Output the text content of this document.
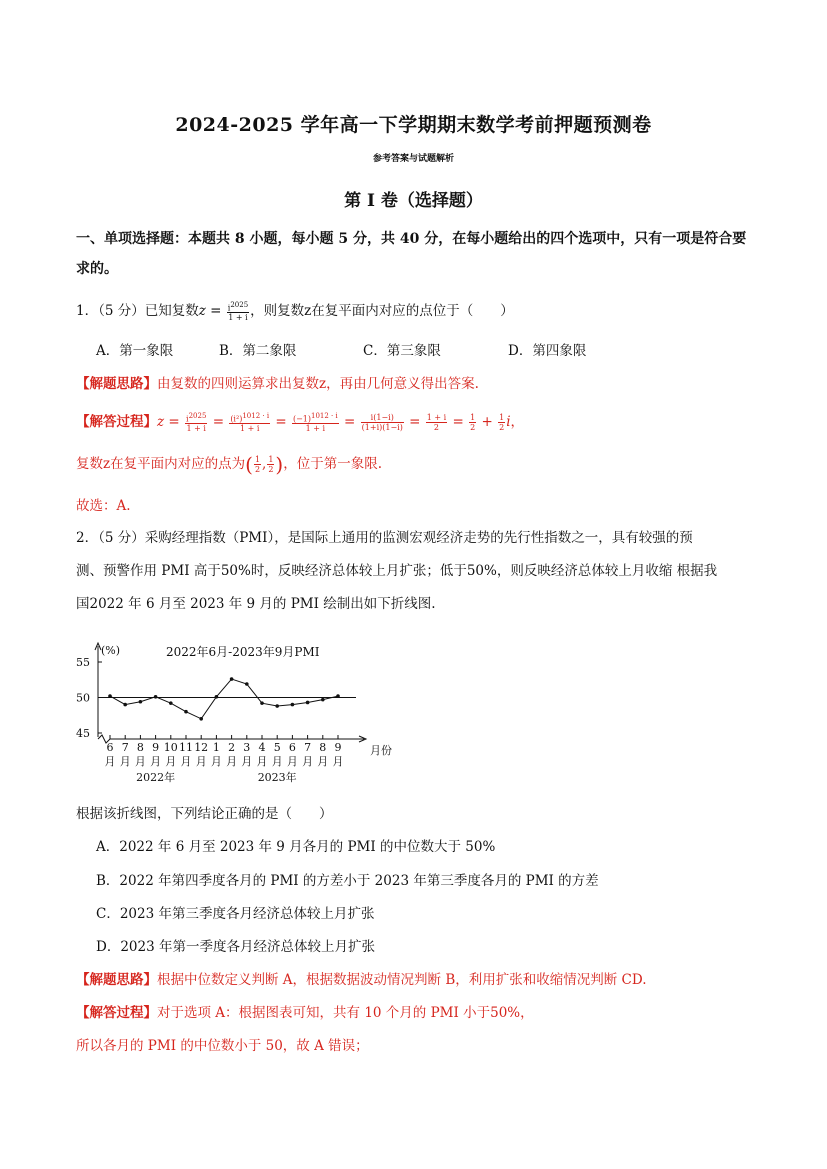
2024-2025 学年高一下学期期末数学考前押题预测卷
参考答案与试题解析
第 I 卷（选择题）
一、单项选择题：本题共 8 小题，每小题 5 分，共 40 分，在每小题给出的四个选项中，只有一项是符合要求的。
1．（5 分）已知复数$z = \frac{i^{2025}}{1 + i}$ ，则复数z在复平面内对应的点位于（　　）
A．第一象限	B．第二象限	C．第三象限	D．第四象限
【解题思路】由复数的四则运算求出复数z，再由几何意义得出答案.
【解答过程】$z = \frac{i^{2025}}{1 + i} = \frac{(i^2)^{1012 \cdot i}}{1 + i} = \frac{(-1)^{1012 \cdot i}}{1 + i} = \frac{i(1-i)}{(1+i)(1-i)} = \frac{1 + i}{2} = \frac{1}{2} + \frac{1}{2}$ i，
复数z在复平面内对应的点为( $\frac{1}{2}$ , $\frac{1}{2}$ )，位于第一象限.
故选：A.
2．（5 分）采购经理指数（PMI），是国际上通用的监测宏观经济走势的先行性指数之一，具有较强的预
测、预警作用 PMI 高于50%时，反映经济总体较上月扩张；低于50%，则反映经济总体较上月收缩 根据我
国2022 年 6 月至 2023 年 9 月的 PMI 绘制出如下折线图.
2022年6月-2023年9月PMI
(%)
45
50
55
月份
6
月
7
月
8
月
9
月
10
月
11
月
12
月
1
月
2
月
3
月
4
月
5
月
6
月
7
月
8
月
9
月
2022年	2023年
根据该折线图，下列结论正确的是（　　）
A．2022 年 6 月至 2023 年 9 月各月的 PMI 的中位数大于 50%
B．2022 年第四季度各月的 PMI 的方差小于 2023 年第三季度各月的 PMI 的方差
C．2023 年第三季度各月经济总体较上月扩张
D．2023 年第一季度各月经济总体较上月扩张
【解题思路】根据中位数定义判断 A，根据数据波动情况判断 B，利用扩张和收缩情况判断 CD.
【解答过程】对于选项 A：根据图表可知，共有 10 个月的 PMI 小于50%，
所以各月的 PMI 的中位数小于 50，故 A 错误；
